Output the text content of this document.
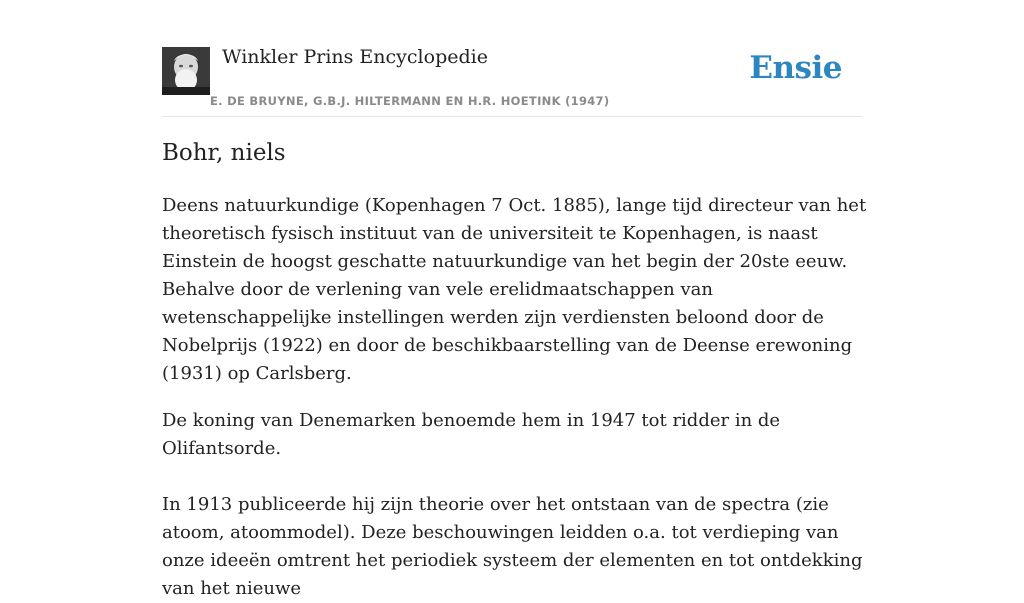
Winkler Prins Encyclopedie
E. DE BRUYNE, G.B.J. HILTERMANN EN H.R. HOETINK (1947)
Ensie
Bohr, niels

Deens natuurkundige (Kopenhagen 7 Oct. 1885), lange tijd directeur van het theoretisch fysisch instituut van de universiteit te Kopenhagen, is naast Einstein de hoogst geschatte natuurkundige van het begin der 20ste eeuw. Behalve door de verlening van vele erelidmaatschappen van wetenschappelijke instellingen werden zijn verdiensten beloond door de Nobelprijs (1922) en door de beschikbaarstelling van de Deense erewoning (1931) op Carlsberg.

De koning van Denemarken benoemde hem in 1947 tot ridder in de Olifantsorde.

In 1913 publiceerde hij zijn theorie over het ontstaan van de spectra (zie atoom, atoommodel). Deze beschouwingen leidden o.a. tot verdieping van onze ideeën omtrent het periodiek systeem der elementen en tot ontdekking van het nieuwe
